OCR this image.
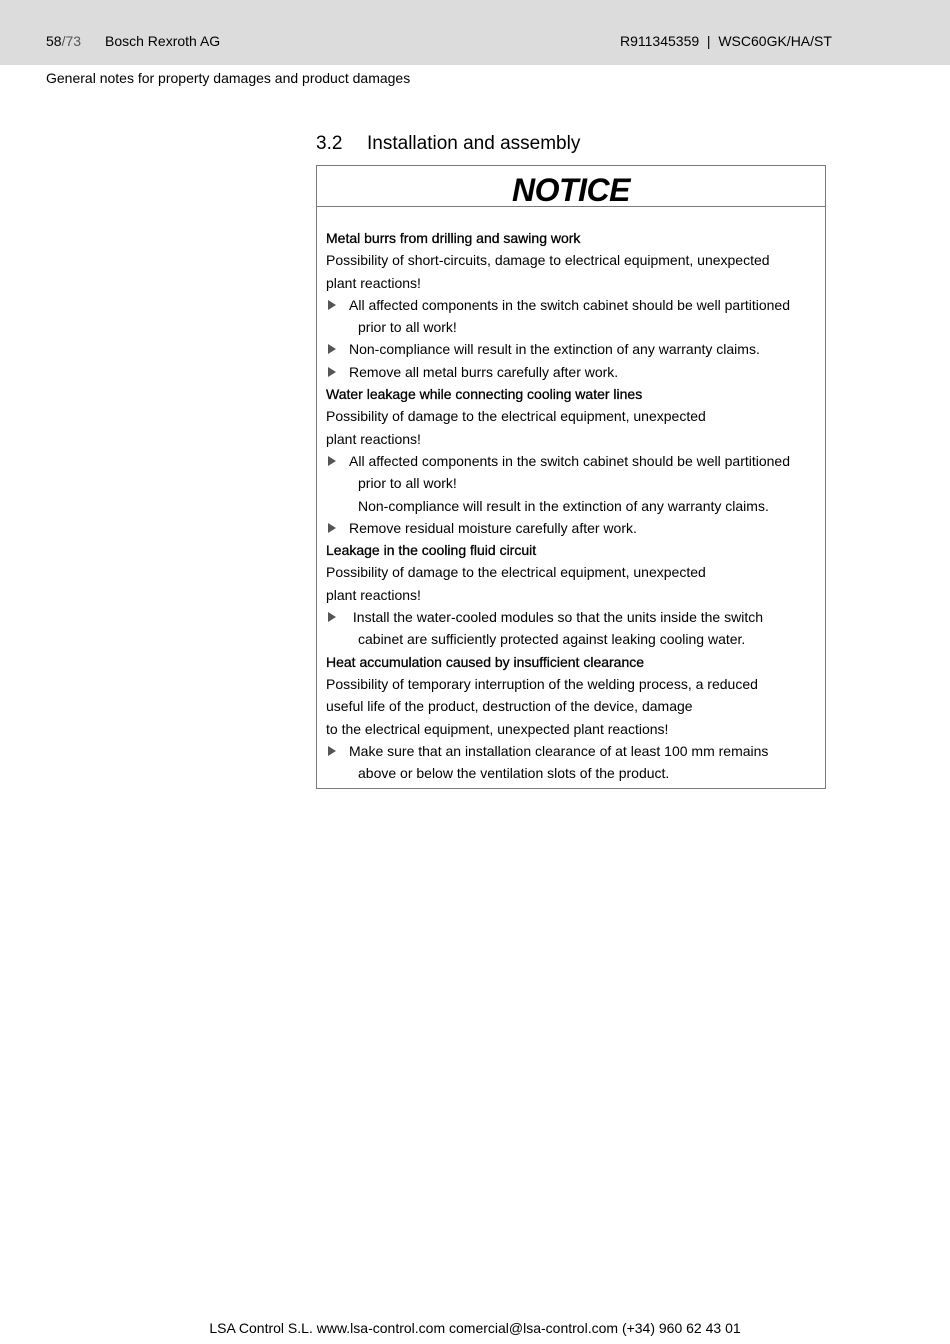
58/73 Bosch Rexroth AG	R911345359  |  WSC60GK/HA/ST
General notes for property damages and product damages
3.2 Installation and assembly
NOTICE
Metal burrs from drilling and sawing work
Possibility of short-circuits, damage to electrical equipment, unexpected
plant reactions!
All affected components in the switch cabinet should be well partitioned
prior to all work!
Non-compliance will result in the extinction of any warranty claims.
Remove all metal burrs carefully after work.
Water leakage while connecting cooling water lines
Possibility of damage to the electrical equipment, unexpected
plant reactions!
All affected components in the switch cabinet should be well partitioned
prior to all work!
Non-compliance will result in the extinction of any warranty claims.
Remove residual moisture carefully after work.
Leakage in the cooling fluid circuit
Possibility of damage to the electrical equipment, unexpected
plant reactions!
Install the water-cooled modules so that the units inside the switch
cabinet are sufficiently protected against leaking cooling water.
Heat accumulation caused by insufficient clearance
Possibility of temporary interruption of the welding process, a reduced
useful life of the product, destruction of the device, damage
to the electrical equipment, unexpected plant reactions!
Make sure that an installation clearance of at least 100 mm remains
above or below the ventilation slots of the product.
LSA Control S.L. www.lsa-control.com comercial@lsa-control.com (+34) 960 62 43 01
